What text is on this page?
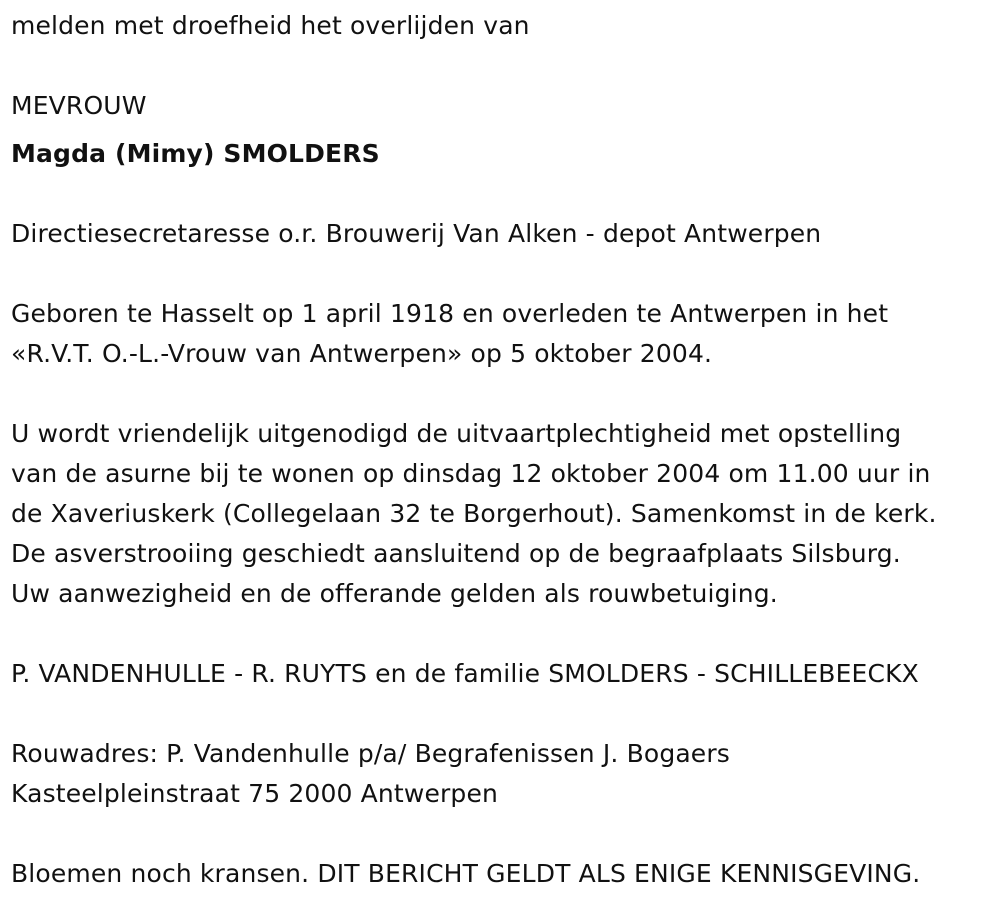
melden met droefheid het overlijden van

MEVROUW

Magda (Mimy) SMOLDERS

Directiesecretaresse o.r. Brouwerij Van Alken - depot Antwerpen

Geboren te Hasselt op 1 april 1918 en overleden te Antwerpen in het

«R.V.T. O.-L.-Vrouw van Antwerpen» op 5 oktober 2004.

U wordt vriendelijk uitgenodigd de uitvaartplechtigheid met opstelling

van de asurne bij te wonen op dinsdag 12 oktober 2004 om 11.00 uur in

de Xaveriuskerk (Collegelaan 32 te Borgerhout). Samenkomst in de kerk.

De asverstrooiing geschiedt aansluitend op de begraafplaats Silsburg.

Uw aanwezigheid en de offerande gelden als rouwbetuiging.

P. VANDENHULLE - R. RUYTS en de familie SMOLDERS - SCHILLEBEECKX

Rouwadres: P. Vandenhulle p/a/ Begrafenissen J. Bogaers

Kasteelpleinstraat 75 2000 Antwerpen

Bloemen noch kransen. DIT BERICHT GELDT ALS ENIGE KENNISGEVING.
